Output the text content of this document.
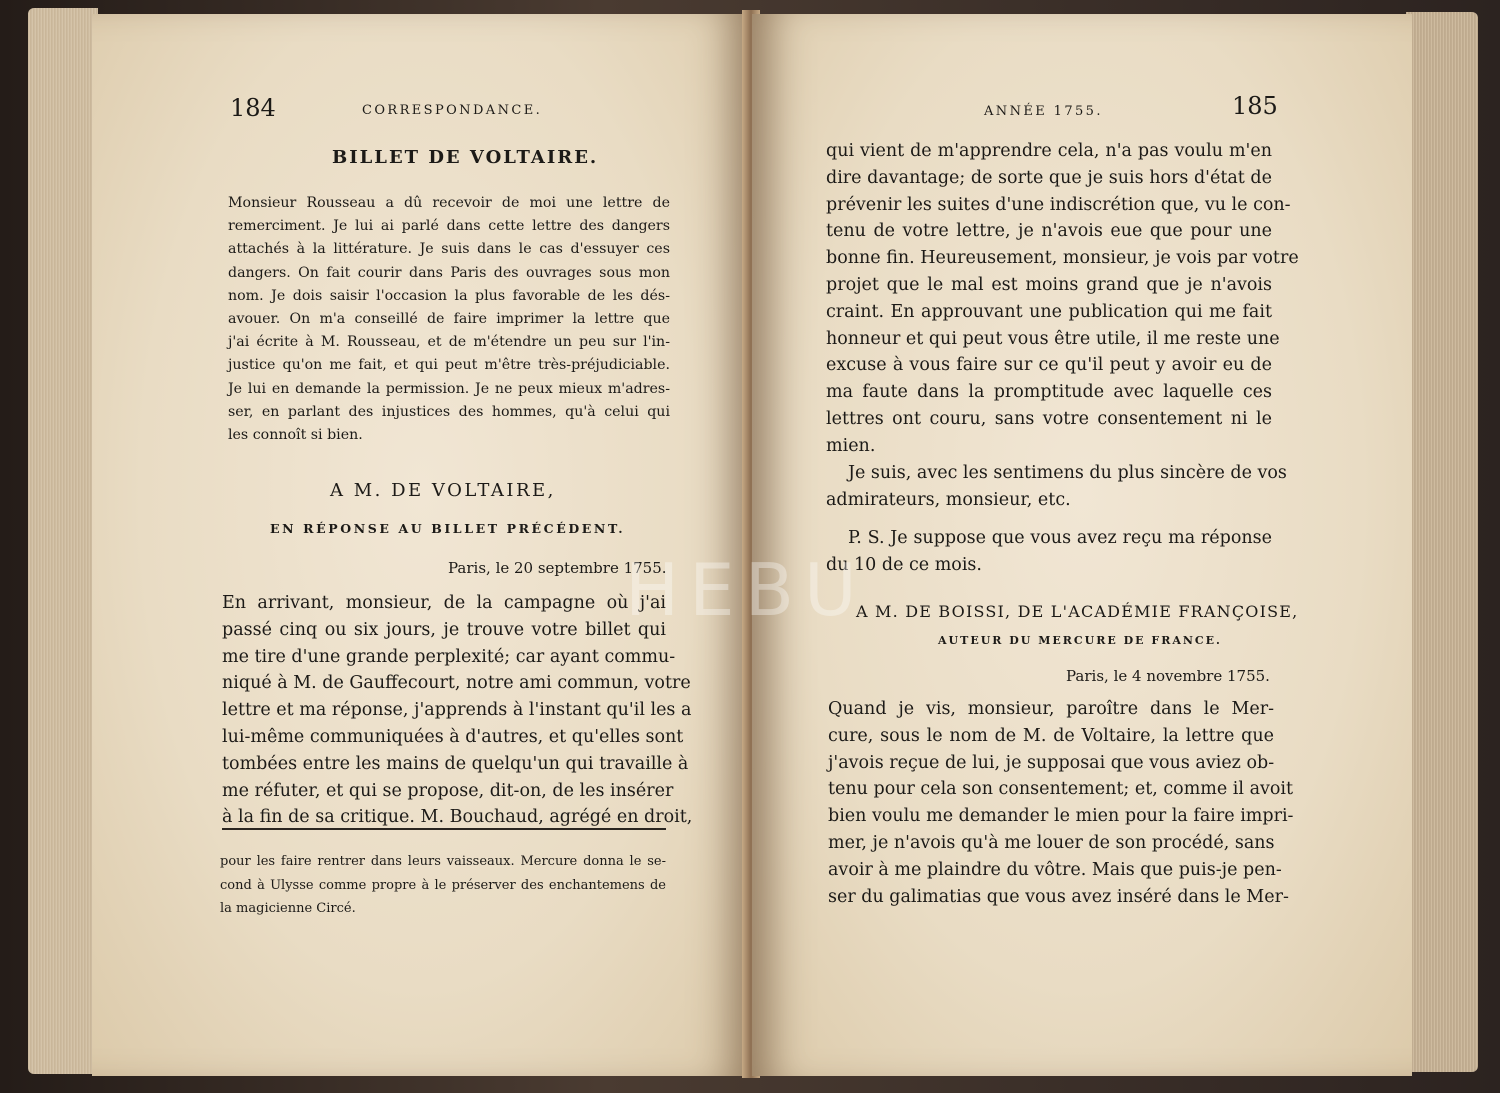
184	CORRESPONDANCE.
BILLET DE VOLTAIRE.
Monsieur Rousseau a dû recevoir de moi une lettre de
remerciment. Je lui ai parlé dans cette lettre des dangers
attachés à la littérature. Je suis dans le cas d'essuyer ces
dangers. On fait courir dans Paris des ouvrages sous mon
nom. Je dois saisir l'occasion la plus favorable de les dés-
avouer. On m'a conseillé de faire imprimer la lettre que
j'ai écrite à M. Rousseau, et de m'étendre un peu sur l'in-
justice qu'on me fait, et qui peut m'être très-préjudiciable.
Je lui en demande la permission. Je ne peux mieux m'adres-
ser, en parlant des injustices des hommes, qu'à celui qui
les connoît si bien.
A M. DE VOLTAIRE,
EN RÉPONSE AU BILLET PRÉCÉDENT.
Paris, le 20 septembre 1755.
En arrivant, monsieur, de la campagne où j'ai
passé cinq ou six jours, je trouve votre billet qui
me tire d'une grande perplexité; car ayant commu-
niqué à M. de Gauffecourt, notre ami commun, votre
lettre et ma réponse, j'apprends à l'instant qu'il les a
lui-même communiquées à d'autres, et qu'elles sont
tombées entre les mains de quelqu'un qui travaille à
me réfuter, et qui se propose, dit-on, de les insérer
à la fin de sa critique. M. Bouchaud, agrégé en droit,
pour les faire rentrer dans leurs vaisseaux. Mercure donna le se-
cond à Ulysse comme propre à le préserver des enchantemens de
la magicienne Circé.
ANNÉE 1755.	185
qui vient de m'apprendre cela, n'a pas voulu m'en
dire davantage; de sorte que je suis hors d'état de
prévenir les suites d'une indiscrétion que, vu le con-
tenu de votre lettre, je n'avois eue que pour une
bonne fin. Heureusement, monsieur, je vois par votre
projet que le mal est moins grand que je n'avois
craint. En approuvant une publication qui me fait
honneur et qui peut vous être utile, il me reste une
excuse à vous faire sur ce qu'il peut y avoir eu de
ma faute dans la promptitude avec laquelle ces
lettres ont couru, sans votre consentement ni le
mien.
Je suis, avec les sentimens du plus sincère de vos
admirateurs, monsieur, etc.
P. S. Je suppose que vous avez reçu ma réponse
du 10 de ce mois.
A M. DE BOISSI, DE L'ACADÉMIE FRANÇOISE,
AUTEUR DU MERCURE DE FRANCE.
Paris, le 4 novembre 1755.
Quand je vis, monsieur, paroître dans le Mer-
cure, sous le nom de M. de Voltaire, la lettre que
j'avois reçue de lui, je supposai que vous aviez ob-
tenu pour cela son consentement; et, comme il avoit
bien voulu me demander le mien pour la faire impri-
mer, je n'avois qu'à me louer de son procédé, sans
avoir à me plaindre du vôtre. Mais que puis-je pen-
ser du galimatias que vous avez inséré dans le Mer-
HEBU
